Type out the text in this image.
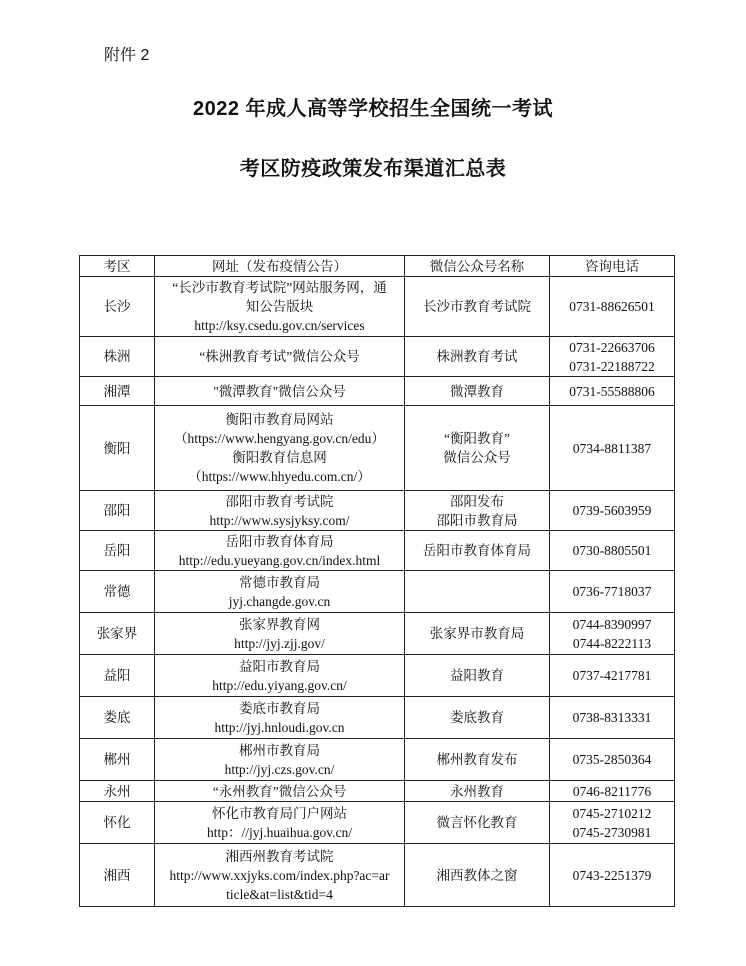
附件 2
2022 年成人高等学校招生全国统一考试
考区防疫政策发布渠道汇总表
考区	网址（发布疫情公告）	微信公众号名称	咨询电话
长沙	“长沙市教育考试院”网站服务网，通
知公告版块
http://ksy.csedu.gov.cn/services	长沙市教育考试院	0731-88626501

株洲	“株洲教育考试”微信公众号	株洲教育考试	0731-22663706
0731-22188722

湘潭	"微潭教育"微信公众号	微潭教育	0731-55588806

衡阳	衡阳市教育局网站
（https://www.hengyang.gov.cn/edu）
衡阳教育信息网
（https://www.hhyedu.com.cn/）	“衡阳教育”
微信公众号	0734-8811387

邵阳	邵阳市教育考试院
http://www.sysjyksy.com/	邵阳发布
邵阳市教育局	0739-5603959

岳阳	岳阳市教育体育局
http://edu.yueyang.gov.cn/index.html	岳阳市教育体育局	0730-8805501

常德	常德市教育局
jyj.changde.gov.cn		0736-7718037

张家界	张家界教育网
http://jyj.zjj.gov/	张家界市教育局	0744-8390997
0744-8222113

益阳	益阳市教育局
http://edu.yiyang.gov.cn/	益阳教育	0737-4217781

娄底	娄底市教育局
http://jyj.hnloudi.gov.cn	娄底教育	0738-8313331

郴州	郴州市教育局
http://jyj.czs.gov.cn/	郴州教育发布	0735-2850364

永州	“永州教育”微信公众号	永州教育	0746-8211776

怀化	怀化市教育局门户网站
http：//jyj.huaihua.gov.cn/	微言怀化教育	0745-2710212
0745-2730981

湘西	湘西州教育考试院
http://www.xxjyks.com/index.php?ac=ar
ticle&at=list&tid=4	湘西教体之窗	0743-2251379
